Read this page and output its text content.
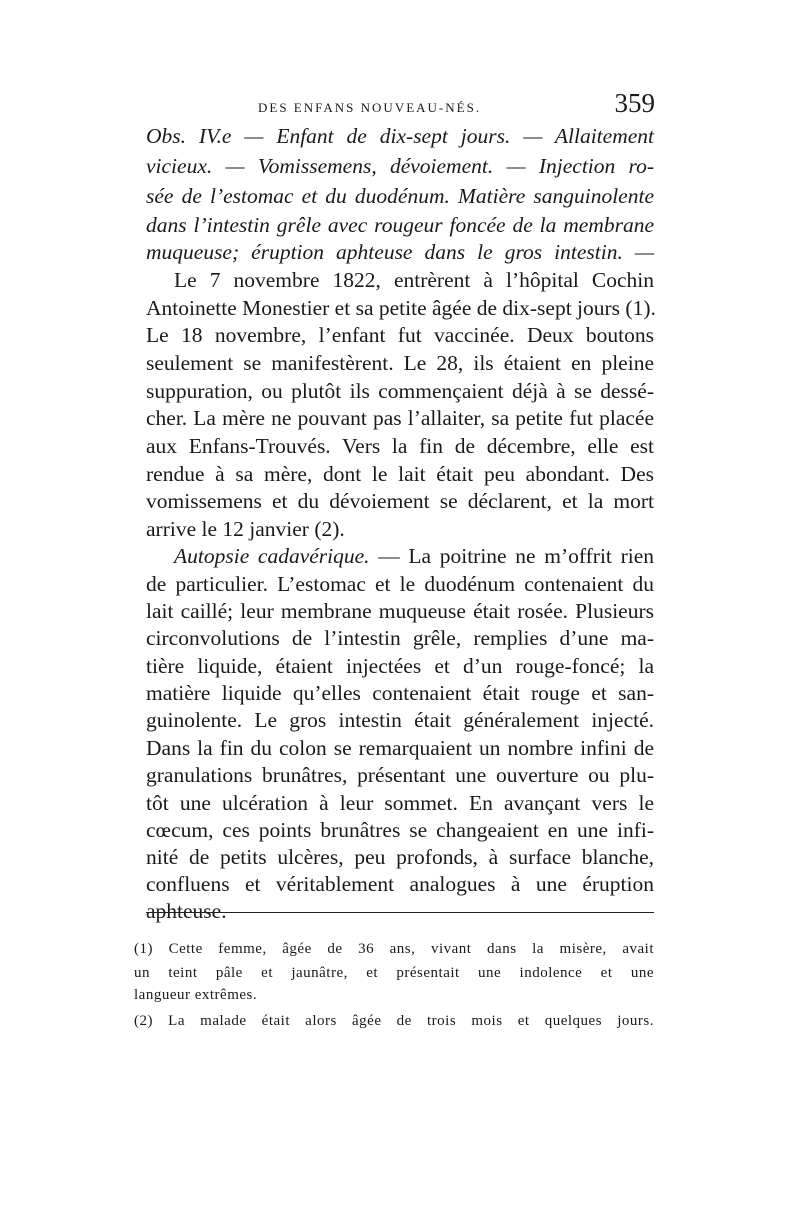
DES ENFANS NOUVEAU-NÉS.	359
Obs. IV.e — Enfant de dix-sept jours. — Allaitement
vicieux. — Vomissemens, dévoiement. — Injection ro-
sée de l’estomac et du duodénum. Matière sanguinolente
dans l’intestin grêle avec rougeur foncée de la membrane
muqueuse; éruption aphteuse dans le gros intestin. —
Le 7 novembre 1822, entrèrent à l’hôpital Cochin
Antoinette Monestier et sa petite âgée de dix-sept jours (1).
Le 18 novembre, l’enfant fut vaccinée. Deux boutons
seulement se manifestèrent. Le 28, ils étaient en pleine
suppuration, ou plutôt ils commençaient déjà à se dessé-
cher. La mère ne pouvant pas l’allaiter, sa petite fut placée
aux Enfans-Trouvés. Vers la fin de décembre, elle est
rendue à sa mère, dont le lait était peu abondant. Des
vomissemens et du dévoiement se déclarent, et la mort
arrive le 12 janvier (2).
Autopsie cadavérique. — La poitrine ne m’offrit rien
de particulier. L’estomac et le duodénum contenaient du
lait caillé; leur membrane muqueuse était rosée. Plusieurs
circonvolutions de l’intestin grêle, remplies d’une ma-
tière liquide, étaient injectées et d’un rouge-foncé; la
matière liquide qu’elles contenaient était rouge et san-
guinolente. Le gros intestin était généralement injecté.
Dans la fin du colon se remarquaient un nombre infini de
granulations brunâtres, présentant une ouverture ou plu-
tôt une ulcération à leur sommet. En avançant vers le
cœcum, ces points brunâtres se changeaient en une infi-
nité de petits ulcères, peu profonds, à surface blanche,
confluens et véritablement analogues à une éruption
aphteuse.
(1) Cette femme, âgée de 36 ans, vivant dans la misère, avait
un teint pâle et jaunâtre, et présentait une indolence et une
langueur extrêmes.
(2) La malade était alors âgée de trois mois et quelques jours.
